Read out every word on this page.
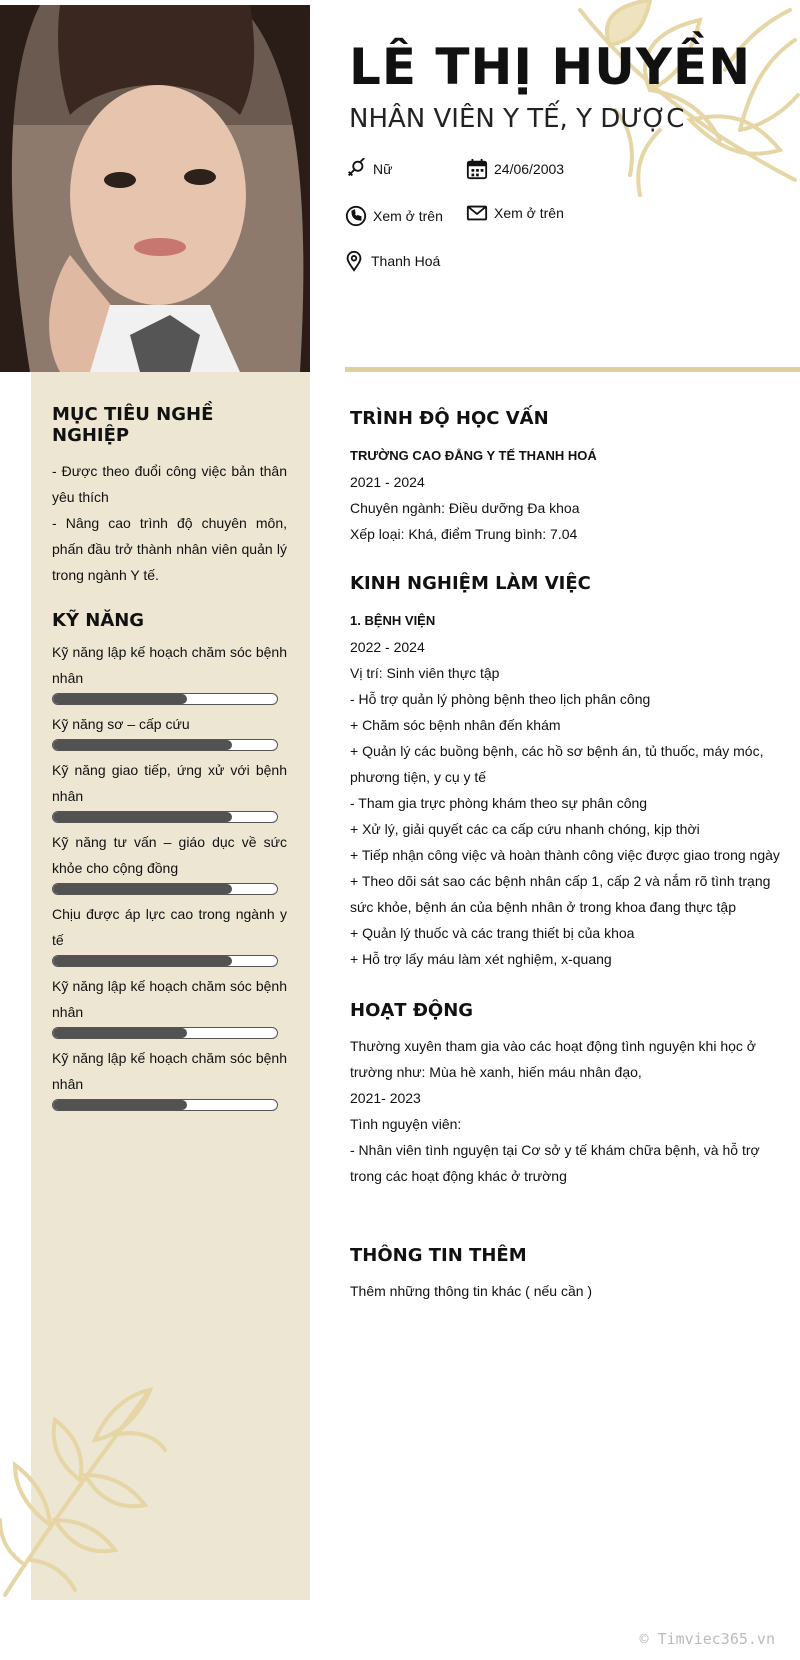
LÊ THỊ HUYỀN
NHÂN VIÊN Y TẾ, Y DƯỢC
Nữ	24/06/2003
Xem ở trên	Xem ở trên
Thanh Hoá
MỤC TIÊU NGHỀ NGHIỆP

- Được theo đuổi công việc bản thân yêu thích

- Nâng cao trình độ chuyên môn, phấn đầu trở thành nhân viên quản lý trong ngành Y tế.

KỸ NĂNG
Kỹ năng lập kế hoạch chăm sóc bệnh nhân
Kỹ năng sơ – cấp cứu
Kỹ năng giao tiếp, ứng xử với bệnh nhân
Kỹ năng tư vấn – giáo dục về sức khỏe cho cộng đồng
Chịu được áp lực cao trong ngành y tế
Kỹ năng lập kế hoạch chăm sóc bệnh nhân
Kỹ năng lập kế hoạch chăm sóc bệnh nhân
TRÌNH ĐỘ HỌC VẤN
TRƯỜNG CAO ĐẲNG Y TẾ THANH HOÁ
2021 - 2024
Chuyên ngành: Điều dưỡng Đa khoa
Xếp loại: Khá, điểm Trung bình: 7.04
KINH NGHIỆM LÀM VIỆC
1. BỆNH VIỆN
2022 - 2024
Vị trí: Sinh viên thực tập
- Hỗ trợ quản lý phòng bệnh theo lịch phân công
+ Chăm sóc bệnh nhân đến khám
+ Quản lý các buồng bệnh, các hồ sơ bệnh án, tủ thuốc, máy móc, phương tiện, y cụ y tế
- Tham gia trực phòng khám theo sự phân công
+ Xử lý, giải quyết các ca cấp cứu nhanh chóng, kịp thời
+ Tiếp nhận công việc và hoàn thành công việc được giao trong ngày
+ Theo dõi sát sao các bệnh nhân cấp 1, cấp 2 và nắm rõ tình trạng sức khỏe, bệnh án của bệnh nhân ở trong khoa đang thực tập
+ Quản lý thuốc và các trang thiết bị của khoa
+ Hỗ trợ lấy máu làm xét nghiệm, x-quang
HOẠT ĐỘNG
Thường xuyên tham gia vào các hoạt động tình nguyện khi học ở trường như: Mùa hè xanh, hiến máu nhân đạo,
2021- 2023
Tình nguyện viên:
- Nhân viên tình nguyện tại Cơ sở y tế khám chữa bệnh, và hỗ trợ trong các hoạt động khác ở trường
THÔNG TIN THÊM
Thêm những thông tin khác ( nếu cần )
© Timviec365.vn
